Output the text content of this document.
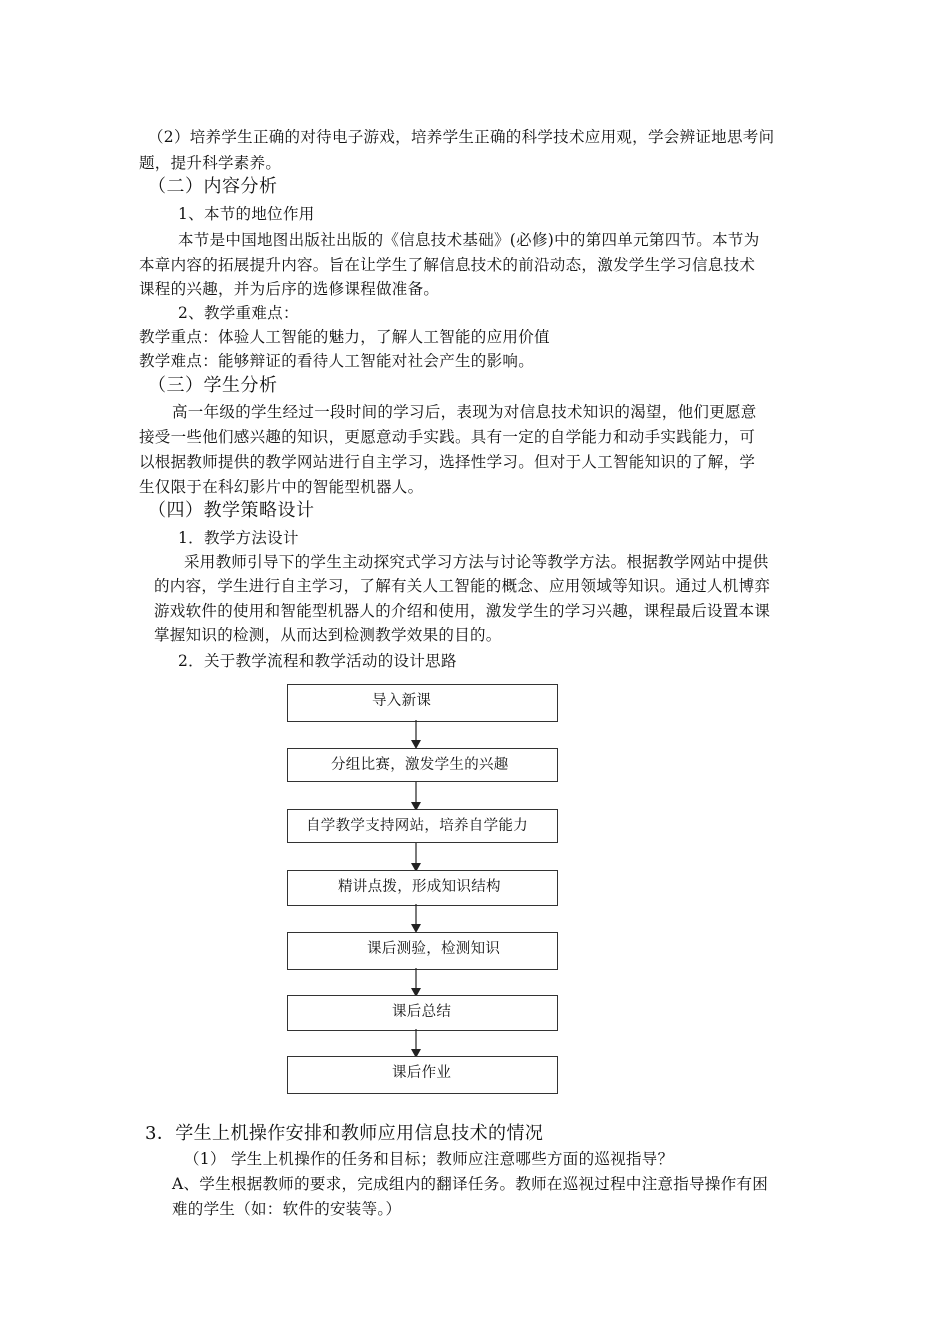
（2）培养学生正确的对待电子游戏，培养学生正确的科学技术应用观，学会辨证地思考问
题，提升科学素养。
（二）内容分析
1、本节的地位作用
本节是中国地图出版社出版的《信息技术基础》(必修)中的第四单元第四节。本节为
本章内容的拓展提升内容。旨在让学生了解信息技术的前沿动态，激发学生学习信息技术
课程的兴趣，并为后序的选修课程做准备。
2、教学重难点：
教学重点：体验人工智能的魅力，了解人工智能的应用价值
教学难点：能够辩证的看待人工智能对社会产生的影响。
（三）学生分析
高一年级的学生经过一段时间的学习后，表现为对信息技术知识的渴望，他们更愿意
接受一些他们感兴趣的知识，更愿意动手实践。具有一定的自学能力和动手实践能力，可
以根据教师提供的教学网站进行自主学习，选择性学习。但对于人工智能知识的了解，学
生仅限于在科幻影片中的智能型机器人。
（四）教学策略设计
1．教学方法设计
采用教师引导下的学生主动探究式学习方法与讨论等教学方法。根据教学网站中提供
的内容，学生进行自主学习，了解有关人工智能的概念、应用领域等知识。通过人机博弈
游戏软件的使用和智能型机器人的介绍和使用，激发学生的学习兴趣，课程最后设置本课
掌握知识的检测，从而达到检测教学效果的目的。
2．关于教学流程和教学活动的设计思路
导入新课
分组比赛，激发学生的兴趣
自学教学支持网站，培养自学能力
精讲点拨，形成知识结构
课后测验，检测知识
课后总结
课后作业
3．学生上机操作安排和教师应用信息技术的情况
（1） 学生上机操作的任务和目标；教师应注意哪些方面的巡视指导？
A、学生根据教师的要求，完成组内的翻译任务。教师在巡视过程中注意指导操作有困
难的学生（如：软件的安装等。）
